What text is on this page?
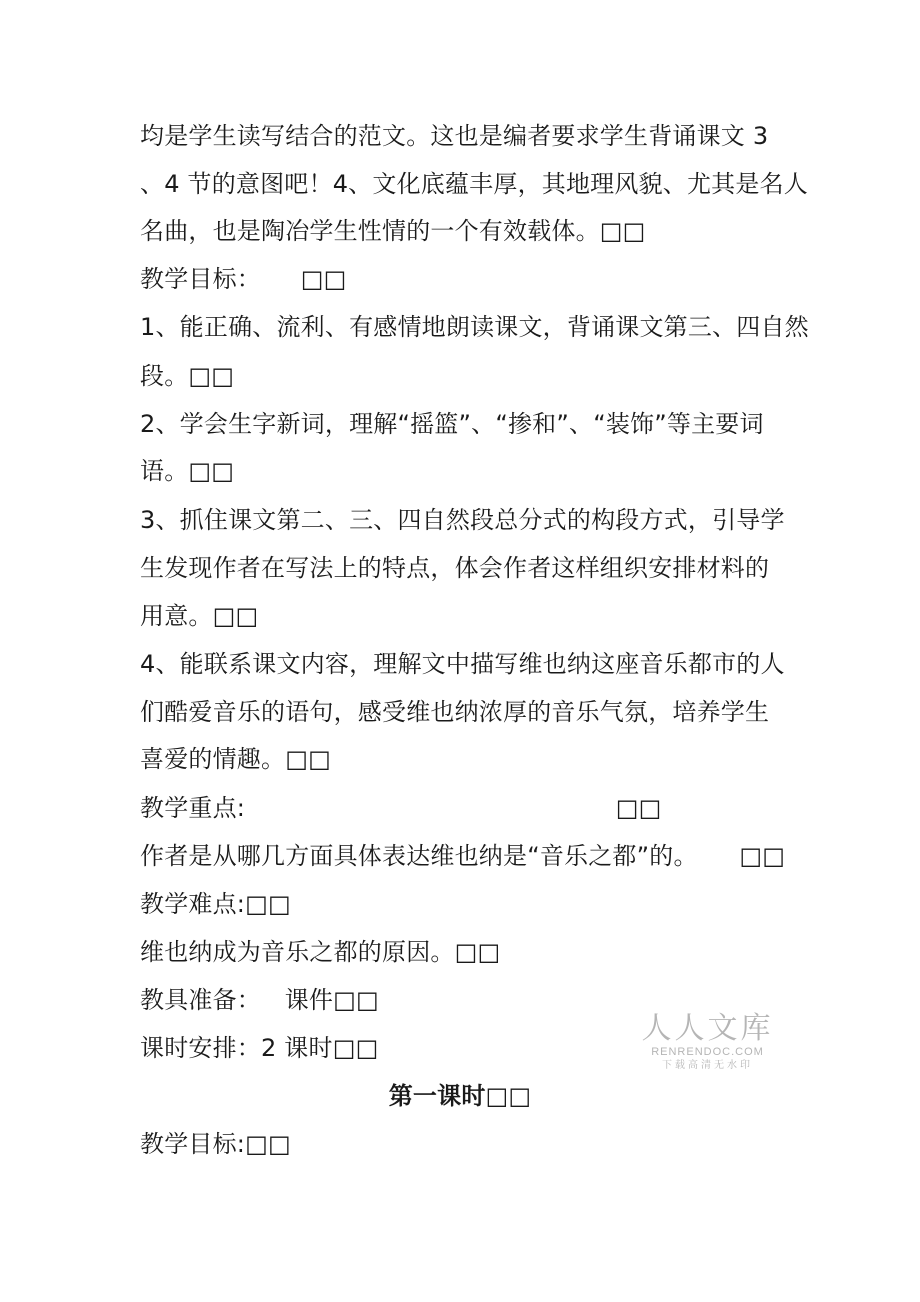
均是学生读写结合的范文。这也是编者要求学生背诵课文 3
、4 节的意图吧！4、文化底蕴丰厚，其地理风貌、尤其是名人
名曲，也是陶冶学生性情的一个有效载体。□□
教学目标： □□
1、能正确、流利、有感情地朗读课文，背诵课文第三、四自然
段。□□
2、学会生字新词，理解“摇篮”、“掺和”、“装饰”等主要词
语。□□
3、抓住课文第二、三、四自然段总分式的构段方式，引导学
生发现作者在写法上的特点，体会作者这样组织安排材料的
用意。□□
4、能联系课文内容，理解文中描写维也纳这座音乐都市的人
们酷爱音乐的语句，感受维也纳浓厚的音乐气氛，培养学生
喜爱的情趣。□□
教学重点:	□□
作者是从哪几方面具体表达维也纳是“音乐之都”的。 □□
教学难点:□□
维也纳成为音乐之都的原因。□□
教具准备： 课件□□
课时安排：2 课时□□
第一课时□□
教学目标:□□
人人文库
RENRENDOC.COM
下载高清无水印
